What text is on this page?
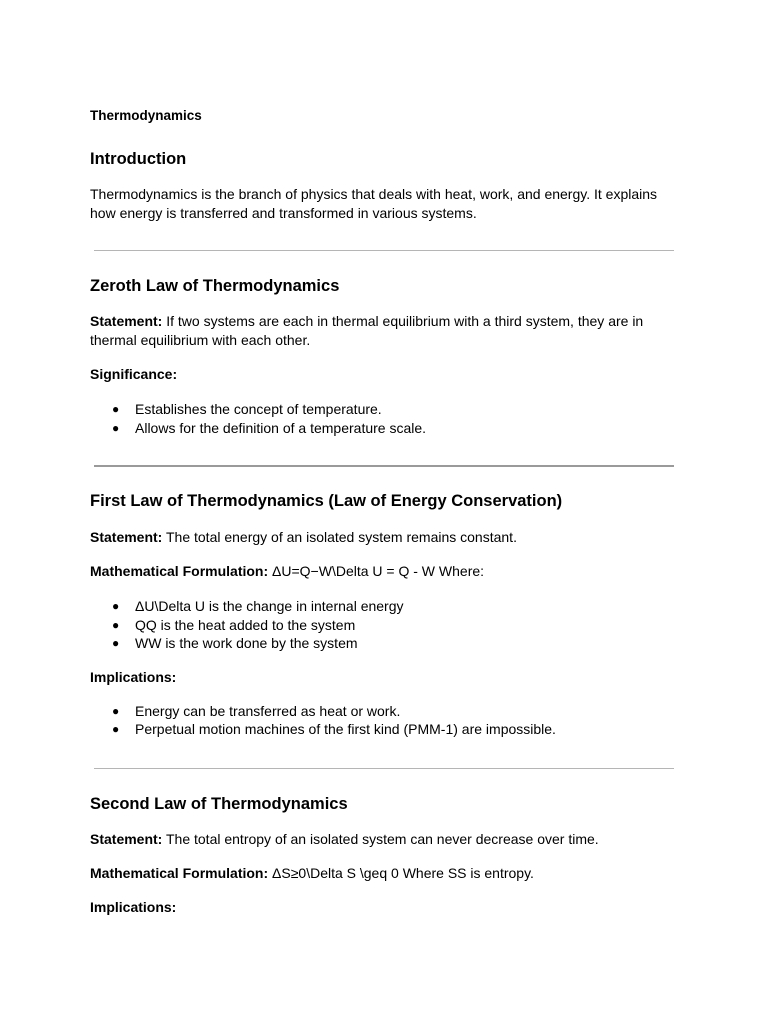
Thermodynamics
Introduction

Thermodynamics is the branch of physics that deals with heat, work, and energy. It explains how energy is transferred and transformed in various systems.

Zeroth Law of Thermodynamics

Statement: If two systems are each in thermal equilibrium with a third system, they are in thermal equilibrium with each other.

Significance:

● Establishes the concept of temperature.
● Allows for the definition of a temperature scale.
First Law of Thermodynamics (Law of Energy Conservation)

Statement: The total energy of an isolated system remains constant.

Mathematical Formulation: ΔU=Q−W\Delta U = Q - W Where:

● ΔU\Delta U is the change in internal energy
● QQ is the heat added to the system
● WW is the work done by the system

Implications:

● Energy can be transferred as heat or work.
● Perpetual motion machines of the first kind (PMM-1) are impossible.
Second Law of Thermodynamics

Statement: The total entropy of an isolated system can never decrease over time.

Mathematical Formulation: ΔS≥0\Delta S \geq 0 Where SS is entropy.

Implications:
